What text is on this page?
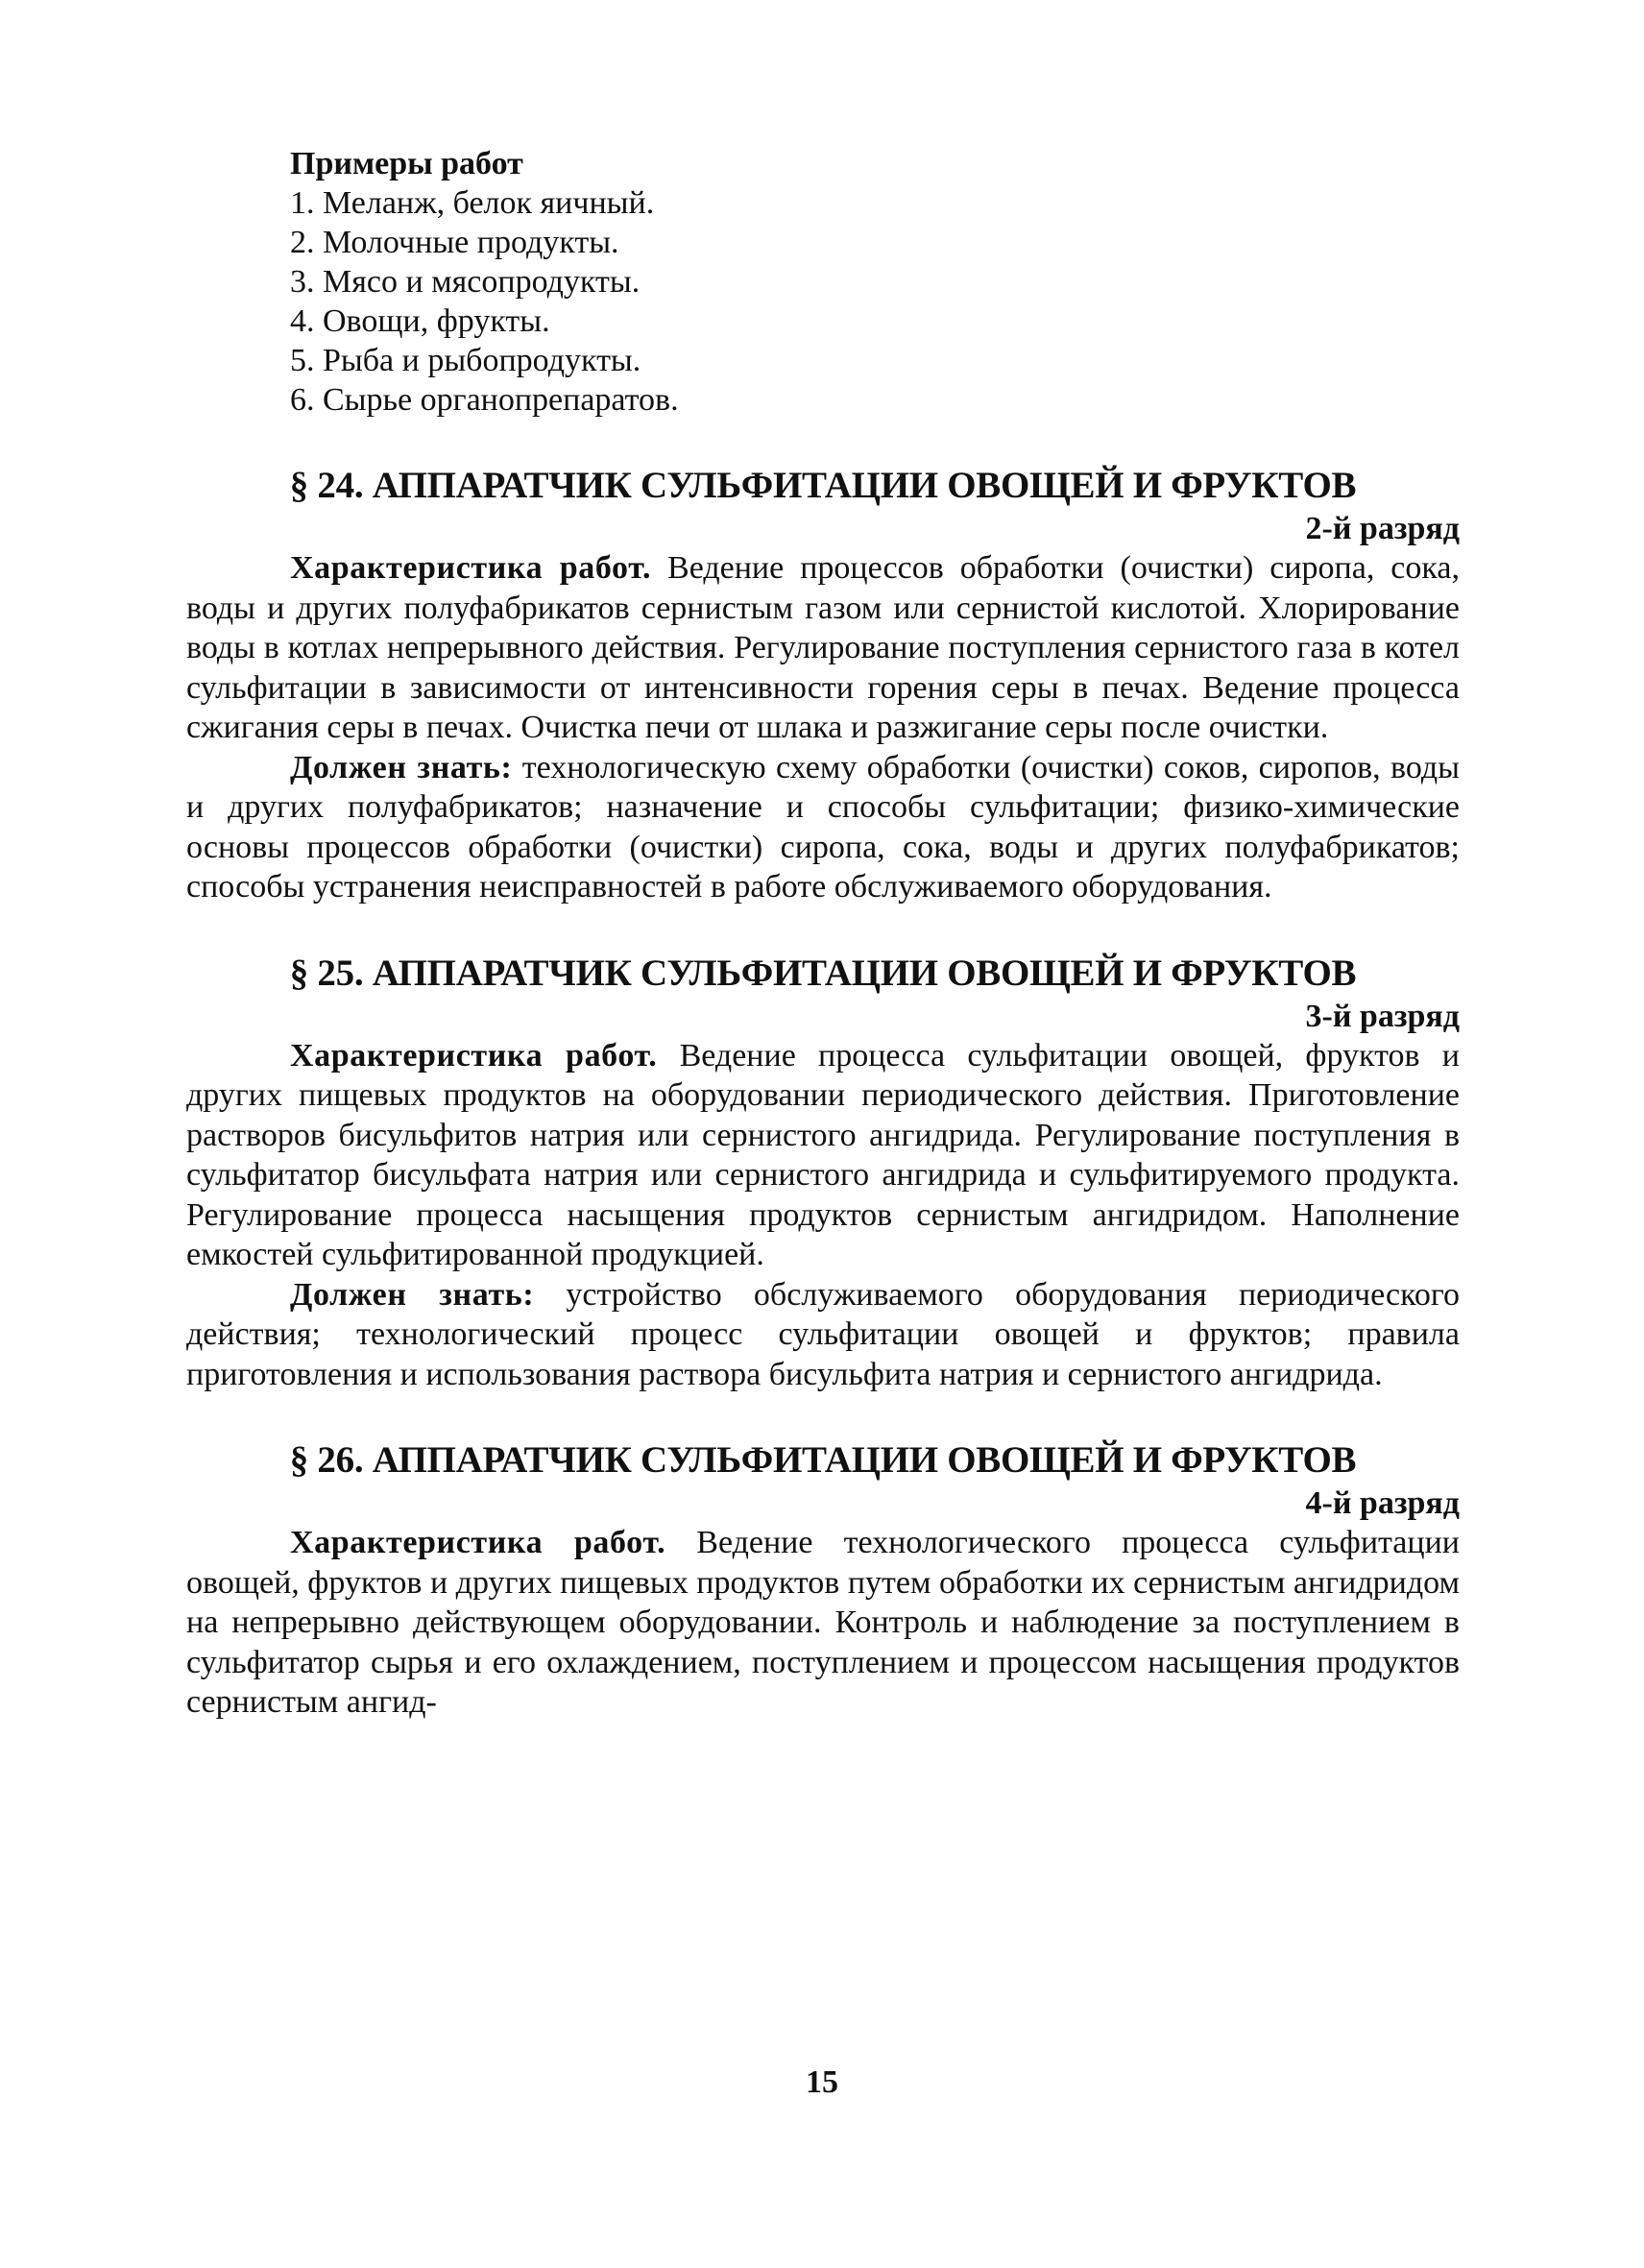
Примеры работ
1. Меланж, белок яичный.
2. Молочные продукты.
3. Мясо и мясопродукты.
4. Овощи, фрукты.
5. Рыба и рыбопродукты.
6. Сырье органопрепаратов.
§ 24. АППАРАТЧИК СУЛЬФИТАЦИИ ОВОЩЕЙ И ФРУКТОВ
2-й разряд

Характеристика работ. Ведение процессов обработки (очистки) сиропа, сока, воды и других полуфабрикатов сернистым газом или сернистой кислотой. Хлорирование воды в котлах непрерывного действия. Регулирование поступления сернистого газа в котел сульфитации в зависимости от интенсивности горения серы в печах. Ведение процесса сжигания серы в печах. Очистка печи от шлака и разжигание серы после очистки.

Должен знать: технологическую схему обработки (очистки) соков, сиропов, воды и других полуфабрикатов; назначение и способы сульфитации; физико-химические основы процессов обработки (очистки) сиропа, сока, воды и других полуфабрикатов; способы устранения неисправностей в работе обслуживаемого оборудования.

§ 25. АППАРАТЧИК СУЛЬФИТАЦИИ ОВОЩЕЙ И ФРУКТОВ
3-й разряд

Характеристика работ. Ведение процесса сульфитации овощей, фруктов и других пищевых продуктов на оборудовании периодического действия. Приготовление растворов бисульфитов натрия или сернистого ангидрида. Регулирование поступления в сульфитатор бисульфата натрия или сернистого ангидрида и сульфитируемого продукта. Регулирование процесса насыщения продуктов сернистым ангидридом. Наполнение емкостей сульфитированной продукцией.

Должен знать: устройство обслуживаемого оборудования периодического действия; технологический процесс сульфитации овощей и фруктов; правила приготовления и использования раствора бисульфита натрия и сернистого ангидрида.

§ 26. АППАРАТЧИК СУЛЬФИТАЦИИ ОВОЩЕЙ И ФРУКТОВ
4-й разряд

Характеристика работ. Ведение технологического процесса сульфитации овощей, фруктов и других пищевых продуктов путем обработки их сернистым ангидридом на непрерывно действующем оборудовании. Контроль и наблюдение за поступлением в сульфитатор сырья и его охлаждением, поступлением и процессом насыщения продуктов сернистым ангид-

15
